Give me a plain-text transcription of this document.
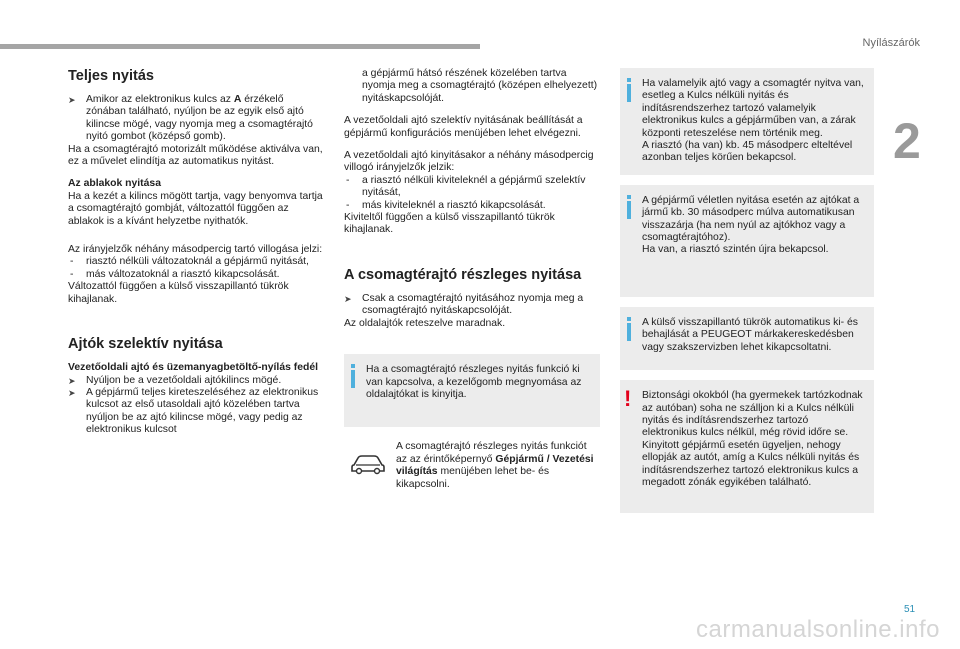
Nyílászárók
2
Teljes nyitás

➤ Amikor az elektronikus kulcs az A érzékelő zónában található, nyúljon be az egyik első ajtó kilincse mögé, vagy nyomja meg a csomagtérajtó nyitó gombot (középső gomb).

Ha a csomagtérajtó motorizált működése aktiválva van, ez a művelet elindítja az automatikus nyitást.

Az ablakok nyitása
Ha a kezét a kilincs mögött tartja, vagy benyomva tartja a csomagtérajtó gombját, változattól függően az ablakok is a kívánt helyzetbe nyithatók.

Az irányjelzők néhány másodpercig tartó villogása jelzi:
- riasztó nélküli változatoknál a gépjármű nyitását,
- más változatoknál a riasztó kikapcsolását.
Változattól függően a külső visszapillantó tükrök kihajlanak.

Ajtók szelektív nyitása

Vezetőoldali ajtó és üzemanyagbetöltő-nyílás fedél
➤ Nyúljon be a vezetőoldali ajtókilincs mögé.
➤ A gépjármű teljes kireteszeléséhez az elektronikus kulcsot az első utasoldali ajtó közelében tartva nyúljon be az ajtó kilincse mögé, vagy pedig az elektronikus kulcsot

a gépjármű hátsó részének közelében tartva nyomja meg a csomagtérajtó (középen elhelyezett) nyitáskapcsolóját.

A vezetőoldali ajtó szelektív nyitásának beállítását a gépjármű konfigurációs menüjében lehet elvégezni.

A vezetőoldali ajtó kinyitásakor a néhány másodpercig villogó irányjelzők jelzik:
- a riasztó nélküli kiviteleknél a gépjármű szelektív nyitását,
- más kiviteleknél a riasztó kikapcsolását.
Kiviteltől függően a külső visszapillantó tükrök kihajlanak.

A csomagtérajtó részleges nyitása

➤ Csak a csomagtérajtó nyitásához nyomja meg a csomagtérajtó nyitáskapcsolóját.
Az oldalajtók reteszelve maradnak.

Ha a csomagtérajtó részleges nyitás funkció ki van kapcsolva, a kezelőgomb megnyomása az oldalajtókat is kinyitja.
A csomagtérajtó részleges nyitás funkciót az az érintőképernyő Gépjármű / Vezetési világítás menüjében lehet be- és kikapcsolni.
Ha valamelyik ajtó vagy a csomagtér nyitva van, esetleg a Kulcs nélküli nyitás és indításrendszerhez tartozó valamelyik elektronikus kulcs a gépjárműben van, a zárak központi reteszelése nem történik meg.
A riasztó (ha van) kb. 45 másodperc elteltével azonban teljes körűen bekapcsol.
A gépjármű véletlen nyitása esetén az ajtókat a jármű kb. 30 másodperc múlva automatikusan visszazárja (ha nem nyúl az ajtókhoz vagy a csomagtérajtóhoz).
Ha van, a riasztó szintén újra bekapcsol.
A külső visszapillantó tükrök automatikus ki- és behajlását a PEUGEOT márkakereskedésben vagy szakszervizben lehet kikapcsoltatni.
! Biztonsági okokból (ha gyermekek tartózkodnak az autóban) soha ne szálljon ki a Kulcs nélküli nyitás és indításrendszerhez tartozó elektronikus kulcs nélkül, még rövid időre se.
Kinyitott gépjármű esetén ügyeljen, nehogy ellopják az autót, amíg a Kulcs nélküli nyitás és indításrendszerhez tartozó elektronikus kulcs a megadott zónák egyikében található.
51
carmanualsonline.info
